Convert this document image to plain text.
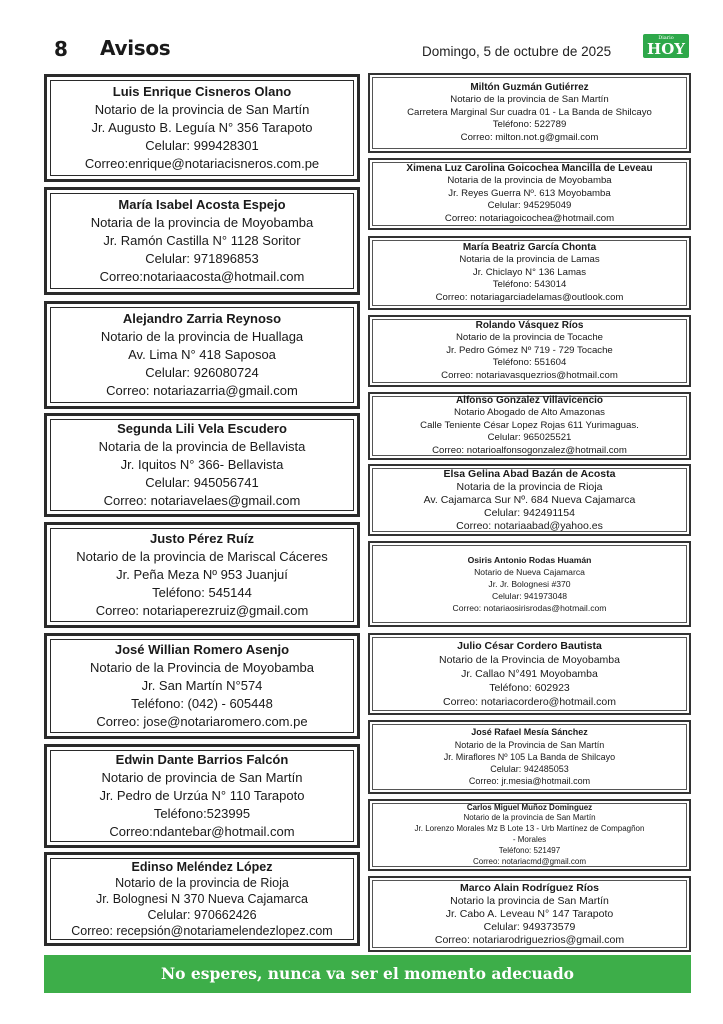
8 Avisos	Domingo, 5 de octubre de 2025
Diario
HOY
Luis Enrique Cisneros Olano
Notario de la provincia de San Martín
Jr. Augusto B. Leguía N° 356 Tarapoto
Celular: 999428301
Correo:enrique@notariacisneros.com.pe
María Isabel Acosta Espejo
Notaria de la provincia de Moyobamba
Jr. Ramón Castilla N° 1128 Soritor
Celular: 971896853
Correo:notariaacosta@hotmail.com
Alejandro Zarria Reynoso
Notario de la provincia de Huallaga
Av. Lima N° 418 Saposoa
Celular: 926080724
Correo: notariazarria@gmail.com
Segunda Lili Vela Escudero
Notaria de la provincia de Bellavista
Jr. Iquitos N° 366- Bellavista
Celular: 945056741
Correo: notariavelaes@gmail.com
Justo Pérez Ruíz
Notario de la provincia de Mariscal Cáceres
Jr. Peña Meza Nº 953 Juanjuí
Teléfono: 545144
Correo: notariaperezruiz@gmail.com
José Willian Romero Asenjo
Notario de la Provincia de Moyobamba
Jr. San Martín N°574
Teléfono: (042) - 605448
Correo: jose@notariaromero.com.pe
Edwin Dante Barrios Falcón
Notario de provincia de San Martín
Jr. Pedro de Urzúa N° 110 Tarapoto
Teléfono:523995
Correo:ndantebar@hotmail.com
Edinso Meléndez López
Notario de la provincia de Rioja
Jr. Bolognesi N 370 Nueva Cajamarca
Celular: 970662426
Correo: recepsión@notariamelendezlopez.com
Miltón Guzmán Gutiérrez
Notario de la provincia de San Martín
Carretera Marginal Sur cuadra 01 - La Banda de Shilcayo
Teléfono: 522789
Correo: milton.not.g@gmail.com
Ximena Luz Carolina Goicochea Mancilla de Leveau
Notaria de la provincia de Moyobamba
Jr. Reyes Guerra Nº. 613 Moyobamba
Celular: 945295049
Correo: notariagoicochea@hotmail.com
María Beatriz García Chonta
Notaria de la provincia de Lamas
Jr. Chiclayo N° 136 Lamas
Teléfono: 543014
Correo: notariagarciadelamas@outlook.com
Rolando Vásquez Ríos
Notario de la provincia de Tocache
Jr. Pedro Gómez Nº 719 - 729 Tocache
Teléfono: 551604
Correo: notariavasquezrios@hotmail.com
Alfonso Gonzalez Villavicencio
Notario Abogado de Alto Amazonas
Calle Teniente César Lopez Rojas 611 Yurimaguas.
Celular: 965025521
Correo: notarioalfonsogonzalez@hotmail.com
Elsa Gelina Abad Bazán de Acosta
Notaria de la provincia de Rioja
Av. Cajamarca Sur Nº. 684 Nueva Cajamarca
Celular: 942491154
Correo: notariaabad@yahoo.es
Osiris Antonio Rodas Huamán
Notario de Nueva Cajamarca
Jr. Jr. Bolognesi #370
Celular: 941973048
Correo: notariaosirisrodas@hotmail.com
Julio César Cordero Bautista
Notario de la Provincia de Moyobamba
Jr. Callao N°491 Moyobamba
Teléfono: 602923
Correo: notariacordero@hotmail.com
José Rafael Mesía Sánchez
Notario de la Provincia de San Martín
Jr. Miraflores Nº 105 La Banda de Shilcayo
Celular: 942485053
Correo: jr.mesia@hotmail.com
Carlos Miguel Muñoz Dominguez
Notario de la provincia de San Martín
Jr. Lorenzo Morales Mz B Lote 13 - Urb Martínez de Compagñon
- Morales
Teléfono: 521497
Correo: notariacmd@gmail.com
Marco Alain Rodríguez Ríos
Notario la provincia de San Martín
Jr. Cabo A. Leveau N° 147 Tarapoto
Celular: 949373579
Correo: notariarodriguezrios@gmail.com
No esperes, nunca va ser el momento adecuado
